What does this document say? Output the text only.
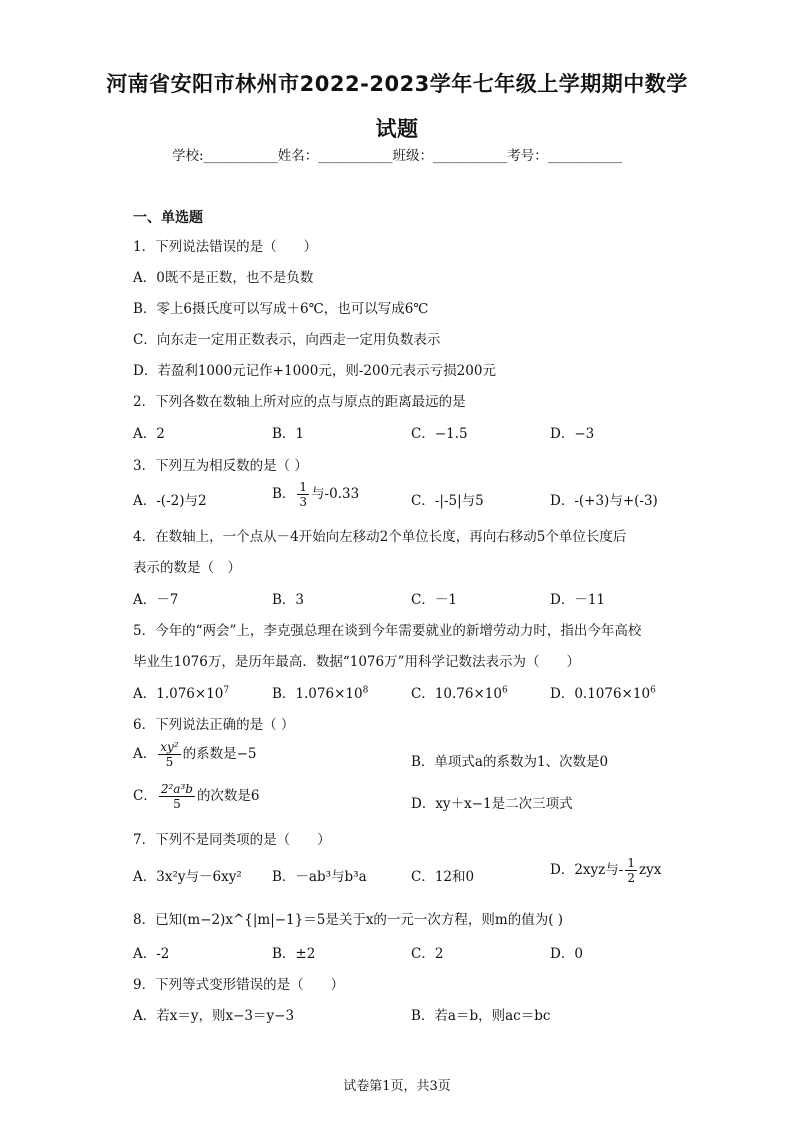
河南省安阳市林州市2022-2023学年七年级上学期期中数学
试题
学校:___________姓名：___________班级：___________考号：___________
一、单选题
1．下列说法错误的是（　　）
A．0既不是正数，也不是负数
B．零上6摄氏度可以写成＋6℃，也可以写成6℃
C．向东走一定用正数表示，向西走一定用负数表示
D．若盈利1000元记作+1000元，则-200元表示亏损200元
2．下列各数在数轴上所对应的点与原点的距离最远的是
A．2	B．1	C．−1.5	D．−3
3．下列互为相反数的是（ ）
A．-(-2)与2	B． $\frac{1}{3}$ 与-0.33	C．-|-5|与5	D．-(+3)与+(-3)
4．在数轴上，一个点从－4开始向左移动2个单位长度，再向右移动5个单位长度后
表示的数是（　）
A．－7	B．3	C．－1	D．－11
5．今年的“两会”上，李克强总理在谈到今年需要就业的新增劳动力时，指出今年高校
毕业生1076万，是历年最高．数据“1076万”用科学记数法表示为（　　）
A．$1.076\times 10^7$	B．$1.076\times 10^8$	C．$10.76\times 10^6$	D．$0.1076\times 10^6$
6．下列说法正确的是（ ）
A． $\frac{\text{xy²}}{5}$ 的系数是−5	B．单项式a的系数为1、次数是0
C． $\frac{\text{2²a³b}}{5}$ 的次数是6	D．xy＋x−1是二次三项式
7．下列不是同类项的是（　　）
A．3x²y与－6xy² B．－ab³与b³a	C．12和0	D．2xyz与- $\frac{1}{2}$ zyx
8．已知(m−2)x^{|m|−1}＝5是关于x的一元一次方程，则m的值为( )
A．-2	B．±2	C．2	D．0
9．下列等式变形错误的是（　　）
A．若x＝y，则x−3＝y−3	B．若a＝b，则ac＝bc
试卷第1页，共3页
